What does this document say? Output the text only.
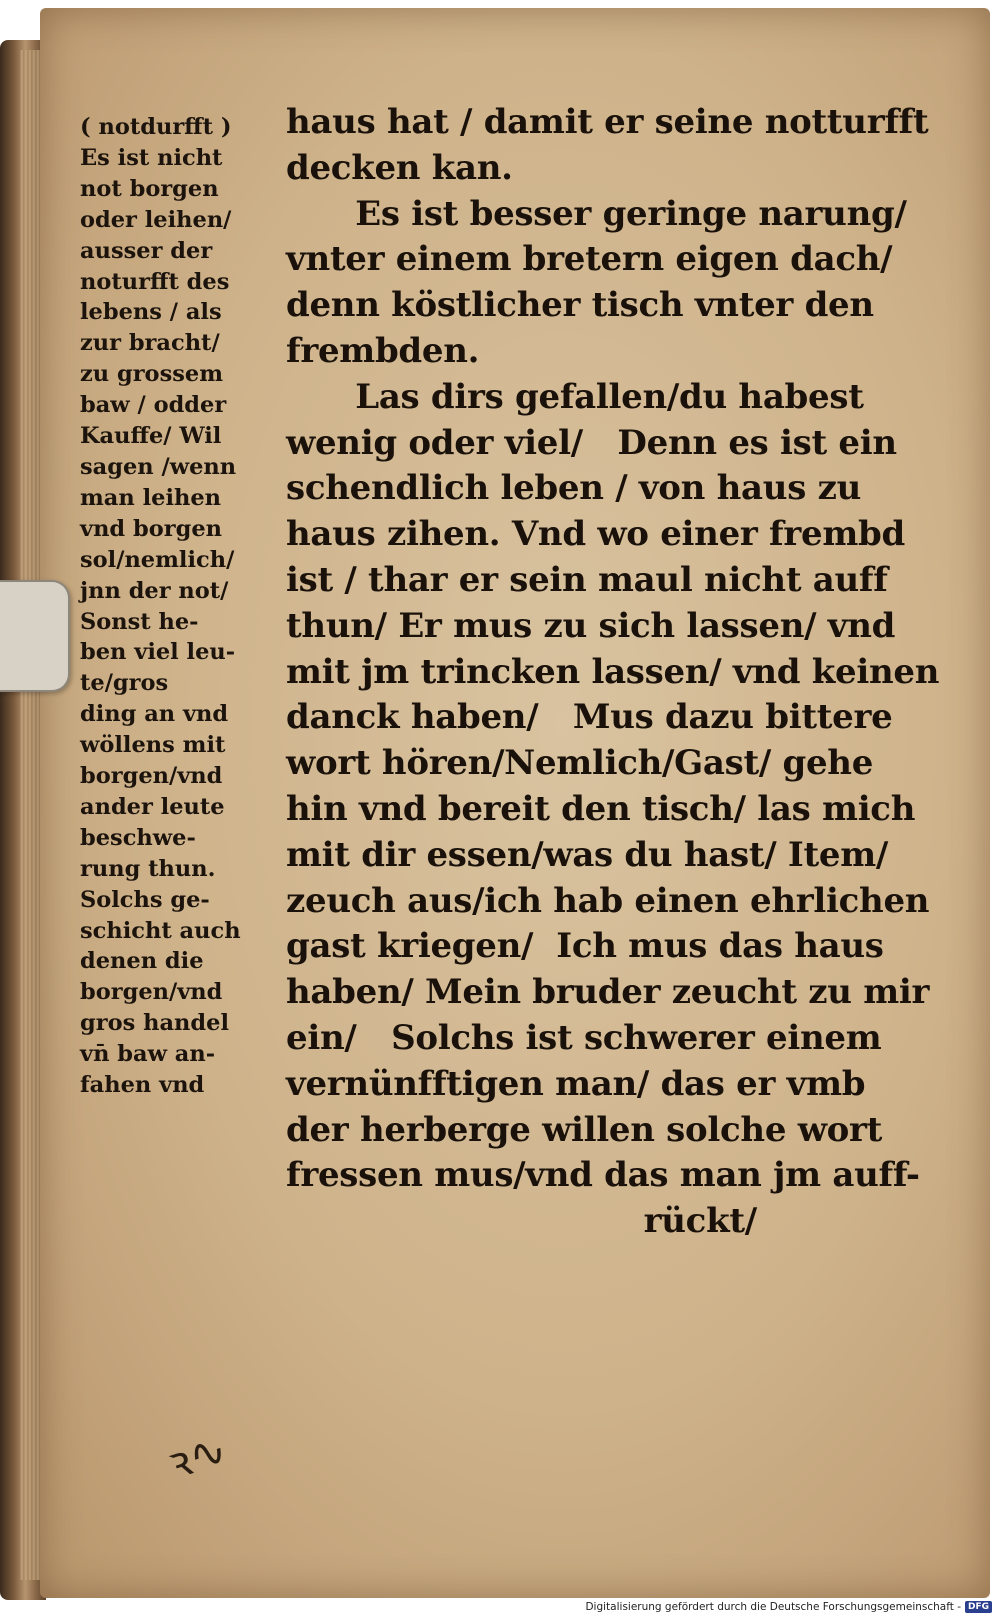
( notdurfft )
Es ist nicht
not borgen
oder leihen/
ausser der
noturfft des
lebens / als
zur bracht/
zu grossem
baw / odder
Kauffe/ Wil
sagen /wenn
man leihen
vnd borgen
sol/nemlich/
jnn der not/
Sonst he-
ben viel leu-
te/gros
ding an vnd
wöllens mit
borgen/vnd
ander leute
beschwe-
rung thun.
Solchs ge-
schicht auch
denen die
borgen/vnd
gros handel
vn̄ baw an-
fahen vnd
haus hat / damit er seine notturfft
decken kan.
Es ist besser geringe narung/
vnter einem bretern eigen dach/
denn köstlicher tisch vnter den
frembden.
Las dirs gefallen/du habest
wenig oder viel/   Denn es ist ein
schendlich leben / von haus zu
haus zihen. Vnd wo einer frembd
ist / thar er sein maul nicht auff
thun/ Er mus zu sich lassen/ vnd
mit jm trincken lassen/ vnd keinen
danck haben/   Mus dazu bittere
wort hören/Nemlich/Gast/ gehe
hin vnd bereit den tisch/ las mich
mit dir essen/was du hast/ Item/
zeuch aus/ich hab einen ehrlichen
gast kriegen/  Ich mus das haus
haben/ Mein bruder zeucht zu mir
ein/   Solchs ist schwerer einem
vernünfftigen man/ das er vmb
der herberge willen solche wort
fressen mus/vnd das man jm auff-
rückt/
ꝛ∿
Digitalisierung gefördert durch die Deutsche Forschungsgemeinschaft - DFG
